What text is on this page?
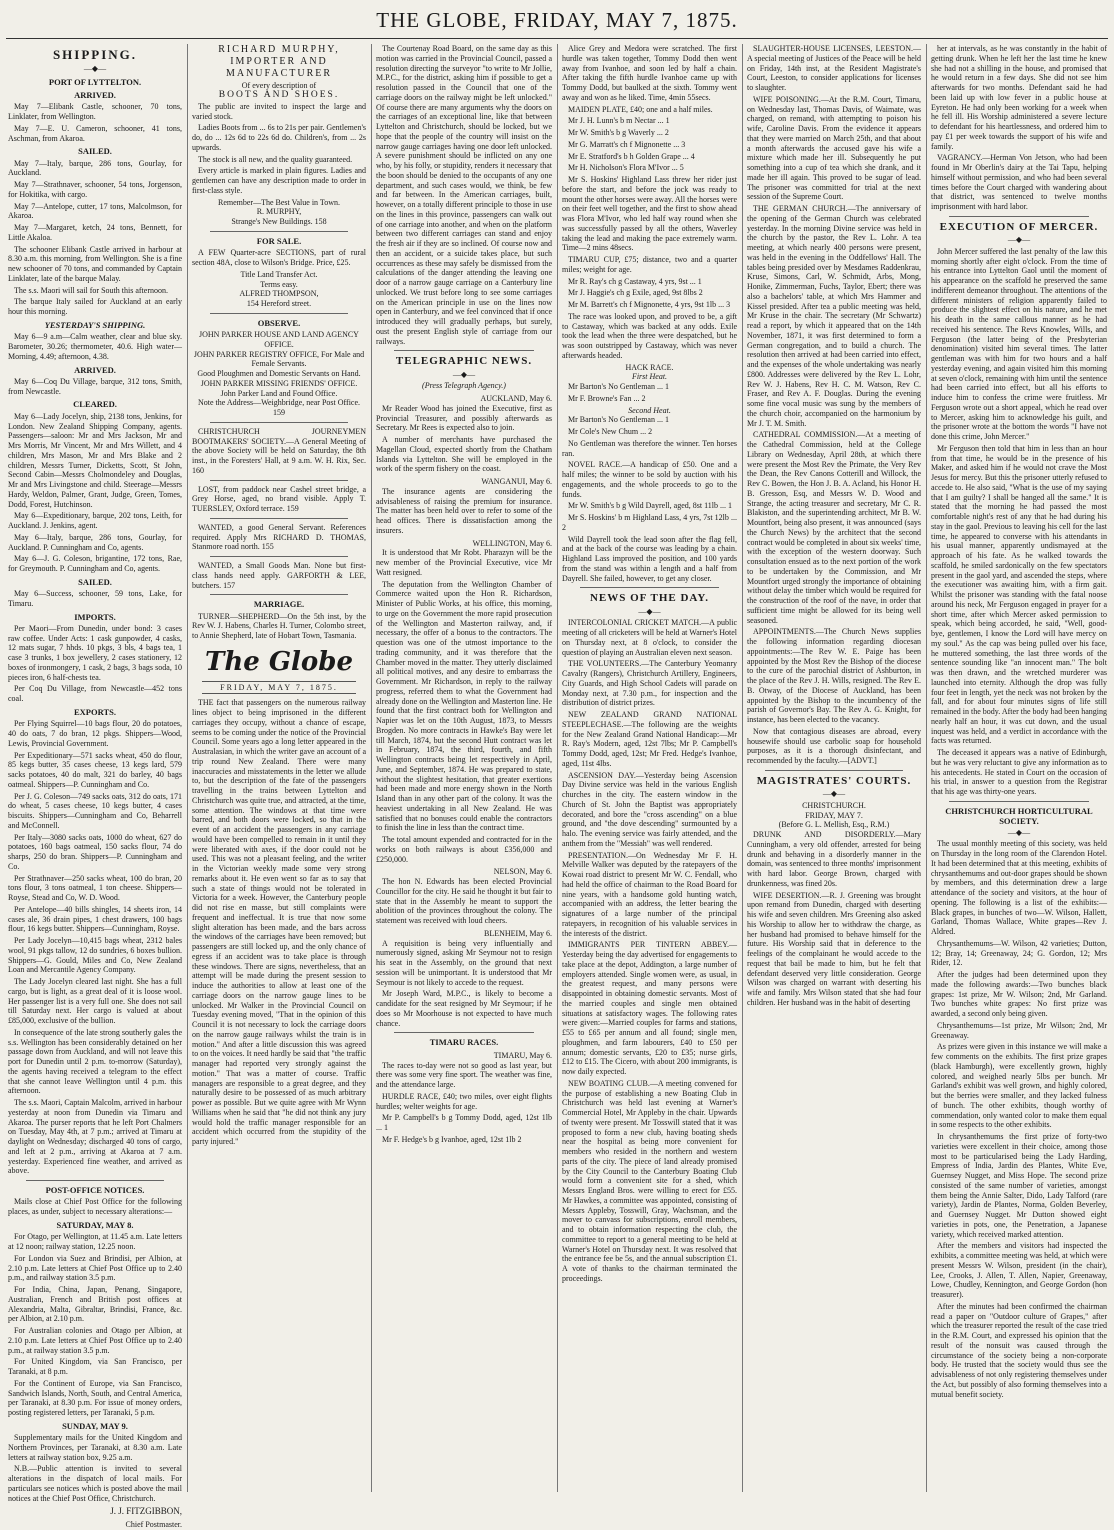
THE GLOBE, FRIDAY, MAY 7, 1875.
SHIPPING.
—◆—
PORT OF LYTTELTON.
ARRIVED.

May 7—Elibank Castle, schooner, 70 tons, Linklater, from Wellington.

May 7—E. U. Cameron, schooner, 41 tons, Aschman, from Akaroa.

SAILED.

May 7—Italy, barque, 286 tons, Gourlay, for Auckland.

May 7—Strathnaver, schooner, 54 tons, Jorgenson, for Hokitika, with cargo.

May 7—Antelope, cutter, 17 tons, Malcolmson, for Akaroa.

May 7—Margaret, ketch, 24 tons, Bennett, for Little Akaloa.

The schooner Elibank Castle arrived in harbour at 8.30 a.m. this morning, from Wellington. She is a fine new schooner of 70 tons, and commanded by Captain Linklater, late of the barque Malay.

The s.s. Maori will sail for South this afternoon.

The barque Italy sailed for Auckland at an early hour this morning.

YESTERDAY'S SHIPPING.

May 6—9 a.m—Calm weather, clear and blue sky. Barometer, 30.26; thermometer, 40.6. High water—Morning, 4.49; afternoon, 4.38.

ARRIVED.

May 6—Coq Du Village, barque, 312 tons, Smith, from Newcastle.

CLEARED.

May 6—Lady Jocelyn, ship, 2138 tons, Jenkins, for London. New Zealand Shipping Company, agents. Passengers—saloon: Mr and Mrs Jackson, Mr and Mrs Morris, Mr Vincent, Mr and Mrs Willett, and 4 children, Mrs Mason, Mr and Mrs Blake and 2 children, Messrs Turner, Dicketts, Scott, St John, Second Cabin—Messrs Cholmondeley and Douglas, Mr and Mrs Livingstone and child. Steerage—Messrs Hardy, Weldon, Palmer, Grant, Judge, Green, Tomes, Dodd, Forest, Hutchinson.

May 6—Expeditionary, barque, 202 tons, Leith, for Auckland. J. Jenkins, agent.

May 6—Italy, barque, 286 tons, Gourlay, for Auckland. P. Cunningham and Co, agents.

May 6—J. G. Coleson, brigantine, 172 tons, Rae, for Greymouth. P. Cunningham and Co, agents.

SAILED.

May 6—Success, schooner, 59 tons, Lake, for Timaru.

IMPORTS.

Per Maori—From Dunedin, under bond: 3 cases raw coffee. Under Acts: 1 cask gunpowder, 4 casks, 12 mats sugar, 7 hhds. 10 pkgs, 3 bls, 4 bags tea, 1 case 3 trunks, 1 box jewellery, 2 cases stationery, 12 boxes of ironmongery, 1 cask, 2 bags, 3 bags soda, 10 pieces iron, 6 half-chests tea.

Per Coq Du Village, from Newcastle—452 tons coal.

EXPORTS.

Per Flying Squirrel—10 bags flour, 20 do potatoes, 40 do oats, 7 do bran, 12 pkgs. Shippers—Wood, Lewis, Provincial Government.

Per Expeditionary—571 sacks wheat, 450 do flour, 85 kegs butter, 35 cases cheese, 13 kegs lard, 579 sacks potatoes, 40 do malt, 321 do barley, 40 bags oatmeal. Shippers—P. Cunningham and Co.

Per J. G. Coleson—749 sacks oats, 312 do oats, 171 do wheat, 5 cases cheese, 10 kegs butter, 4 cases biscuits. Shippers—Cunningham and Co, Beharrell and McConnell.

Per Italy—3080 sacks oats, 1000 do wheat, 627 do potatoes, 160 bags oatmeal, 150 sacks flour, 74 do sharps, 250 do bran. Shippers—P. Cunningham and Co.

Per Strathnaver—250 sacks wheat, 100 do bran, 20 tons flour, 3 tons oatmeal, 1 ton cheese. Shippers—Royse, Stead and Co, W. D. Wood.

Per Antelope—40 bills shingles, 14 sheets iron, 14 cases ale, 36 drain pipes, 1 chest drawers, 100 bags flour, 16 kegs butter. Shippers—Cunningham, Royse.

Per Lady Jocelyn—10,415 bags wheat, 2312 bales wool, 91 pkgs tallow, 12 do sundries, 6 boxes bullion. Shippers—G. Gould, Miles and Co, New Zealand Loan and Mercantile Agency Company.

The Lady Jocelyn cleared last night. She has a full cargo, but is light, as a great deal of it is loose wool. Her passenger list is a very full one. She does not sail till Saturday next. Her cargo is valued at about £85,000, exclusive of the bullion.

In consequence of the late strong southerly gales the s.s. Wellington has been considerably detained on her passage down from Auckland, and will not leave this port for Dunedin until 2 p.m. to-morrow (Saturday), the agents having received a telegram to the effect that she cannot leave Wellington until 4 p.m. this afternoon.

The s.s. Maori, Captain Malcolm, arrived in harbour yesterday at noon from Dunedin via Timaru and Akaroa. The purser reports that he left Port Chalmers on Tuesday, May 4th, at 7 p.m.; arrived at Timaru at daylight on Wednesday; discharged 40 tons of cargo, and left at 2 p.m., arriving at Akaroa at 7 a.m. yesterday. Experienced fine weather, and arrived as above.

POST-OFFICE NOTICES.

Mails close at Chief Post Office for the following places, as under, subject to necessary alterations:—

SATURDAY, MAY 8.

For Otago, per Wellington, at 11.45 a.m. Late letters at 12 noon; railway station, 12.25 noon.

For London via Suez and Brindisi, per Albion, at 2.10 p.m. Late letters at Chief Post Office up to 2.40 p.m., and railway station 3.5 p.m.

For India, China, Japan, Penang, Singapore, Australian, French and British post offices at Alexandria, Malta, Gibraltar, Brindisi, France, &c. per Albion, at 2.10 p.m.

For Australian colonies and Otago per Albion, at 2.10 p.m. Late letters at Chief Post Office up to 2.40 p.m., at railway station 3.5 p.m.

For United Kingdom, via San Francisco, per Taranaki, at 8 p.m.

For the Continent of Europe, via San Francisco, Sandwich Islands, North, South, and Central America, per Taranaki, at 8.30 p.m. For issue of money orders, posting registered letters, per Taranaki, 5 p.m.

SUNDAY, MAY 9.

Supplementary mails for the United Kingdom and Northern Provinces, per Taranaki, at 8.30 a.m. Late letters at railway station box, 9.25 a.m.

N.B.—Public attention is invited to several alterations in the dispatch of local mails. For particulars see notices which is posted above the mail notices at the Chief Post Office, Christchurch.

J. J. FITZGIBBON,
Chief Postmaster.
RICHARD MURPHY, IMPORTER AND MANUFACTURER
Of every description of
BOOTS AND SHOES.

The public are invited to inspect the large and varied stock.

Ladies Boots from ... 6s to 21s per pair. Gentlemen's do, do ... 12s 6d to 22s 6d do. Children's, from ... 2s upwards.

The stock is all new, and the quality guaranteed.

Every article is marked in plain figures. Ladies and gentlemen can have any description made to order in first-class style.

Remember—The Best Value in Town.
R. MURPHY,
Strange's New Buildings. 158
FOR SALE.

A FEW Quarter-acre SECTIONS, part of rural section 48A, close to Wilson's Bridge. Price, £25.

Title Land Transfer Act.
Terms easy.
ALFRED THOMPSON,
154 Hereford street.
OBSERVE.
JOHN PARKER HOUSE AND LAND AGENCY OFFICE.
JOHN PARKER REGISTRY OFFICE, For Male and Female Servants.
Good Ploughmen and Domestic Servants on Hand.
JOHN PARKER MISSING FRIENDS' OFFICE.
John Parker Land and Found Office.
Note the Address—Weighbridge, near Post Office. 159

CHRISTCHURCH JOURNEYMEN BOOTMAKERS' SOCIETY.—A General Meeting of the above Society will be held on Saturday, the 8th inst., in the Foresters' Hall, at 9 a.m. W. H. Rix, Sec. 160

LOST, from paddock near Cashel street bridge, a Grey Horse, aged, no brand visible. Apply T. TUERSLEY, Oxford terrace. 159

WANTED, a good General Servant. References required. Apply Mrs RICHARD D. THOMAS, Stanmore road north. 155

WANTED, a Small Goods Man. None but first-class hands need apply. GARFORTH & LEE, butchers. 157

MARRIAGE.

TURNER—SHEPHERD—On the 5th inst, by the Rev W. J. Habens, Charles H. Turner, Colombo street, to Annie Shepherd, late of Hobart Town, Tasmania.

The Globe
FRIDAY, MAY 7, 1875.

THE fact that passengers on the numerous railway lines object to being imprisoned in the different carriages they occupy, without a chance of escape, seems to be coming under the notice of the Provincial Council. Some years ago a long letter appeared in the Australasian, in which the writer gave an account of a trip round New Zealand. There were many inaccuracies and misstatements in the letter we allude to, but the description of the fate of the passengers travelling in the trains between Lyttelton and Christchurch was quite true, and attracted, at the time, some attention. The windows at that time were barred, and both doors were locked, so that in the event of an accident the passengers in any carriage would have been compelled to remain in it until they were liberated with axes, if the door could not be used. This was not a pleasant feeling, and the writer in the Victorian weekly made some very strong remarks about it. He even went so far as to say that such a state of things would not be tolerated in Victoria for a week. However, the Canterbury people did not rise en masse, but still complaints were frequent and ineffectual. It is true that now some slight alteration has been made, and the bars across the windows of the carriages have been removed; but passengers are still locked up, and the only chance of egress if an accident was to take place is through these windows. There are signs, nevertheless, that an attempt will be made during the present session to induce the authorities to allow at least one of the carriage doors on the narrow gauge lines to be unlocked. Mr Walker in the Provincial Council on Tuesday evening moved, "That in the opinion of this Council it is not necessary to lock the carriage doors on the narrow gauge railways whilst the train is in motion." And after a little discussion this was agreed to on the voices. It need hardly be said that "the traffic manager had reported very strongly against the motion." That was a matter of course. Traffic managers are responsible to a great degree, and they naturally desire to be possessed of as much arbitrary power as possible. But we quite agree with Mr Wynn Williams when he said that "he did not think any jury would hold the traffic manager responsible for an accident which occurred from the stupidity of the party injured."

The Courtenay Road Board, on the same day as this motion was carried in the Provincial Council, passed a resolution directing the surveyor "to write to Mr Jollie, M.P.C., for the district, asking him if possible to get a resolution passed in the Council that one of the carriage doors on the railway might be left unlocked." Of course there are many arguments why the doors on the carriages of an exceptional line, like that between Lyttelton and Christchurch, should be locked, but we hope that the people of the country will insist on the narrow gauge carriages having one door left unlocked. A severe punishment should be inflicted on any one who, by his folly, or stupidity, renders it necessary that the boon should be denied to the occupants of any one department, and such cases would, we think, be few and far between. In the American carriages, built, however, on a totally different principle to those in use on the lines in this province, passengers can walk out of one carriage into another, and when on the platform between two different carriages can stand and enjoy the fresh air if they are so inclined. Of course now and then an accident, or a suicide takes place, but such occurrences as these may safely be dismissed from the calculations of the danger attending the leaving one door of a narrow gauge carriage on a Canterbury line unlocked. We trust before long to see some carriages on the American principle in use on the lines now open in Canterbury, and we feel convinced that if once introduced they will gradually perhaps, but surely, oust the present English style of carriage from our railways.

TELEGRAPHIC NEWS.
—◆—
(Press Telegraph Agency.)
AUCKLAND, May 6.

Mr Reader Wood has joined the Executive, first as Provincial Treasurer, and possibly afterwards as Secretary. Mr Rees is expected also to join.

A number of merchants have purchased the Magellan Cloud, expected shortly from the Chatham Islands via Lyttelton. She will be employed in the work of the sperm fishery on the coast.

WANGANUI, May 6.

The insurance agents are considering the advisableness of raising the premium for insurance. The matter has been held over to refer to some of the head offices. There is dissatisfaction among the insurers.

WELLINGTON, May 6.

It is understood that Mr Robt. Pharazyn will be the new member of the Provincial Executive, vice Mr Watt resigned.

The deputation from the Wellington Chamber of Commerce waited upon the Hon R. Richardson, Minister of Public Works, at his office, this morning, to urge on the Government the more rapid prosecution of the Wellington and Masterton railway, and, if necessary, the offer of a bonus to the contractors. The question was one of the utmost importance to the trading community, and it was therefore that the Chamber moved in the matter. They utterly disclaimed all political motives, and any desire to embarrass the Government. Mr Richardson, in reply to the railway progress, referred them to what the Government had already done on the Wellington and Masterton line. He found that the first contract both for Wellington and Napier was let on the 10th August, 1873, to Messrs Brogden. No more contracts in Hawke's Bay were let till March, 1874, but the second Hutt contract was let in February, 1874, the third, fourth, and fifth Wellington contracts being let respectively in April, June, and September, 1874. He was prepared to state, without the slightest hesitation, that greater exertions had been made and more energy shown in the North Island than in any other part of the colony. It was the heaviest undertaking in all New Zealand. He was satisfied that no bonuses could enable the contractors to finish the line in less than the contract time.

The total amount expended and contracted for in the works on both railways is about £356,000 and £250,000.

NELSON, May 6.

The hon N. Edwards has been elected Provincial Councillor for the city. He said he thought it but fair to state that in the Assembly he meant to support the abolition of the provinces throughout the colony. The statement was received with loud cheers.

BLENHEIM, May 6.

A requisition is being very influentially and numerously signed, asking Mr Seymour not to resign his seat in the Assembly, on the ground that next session will be unimportant. It is understood that Mr Seymour is not likely to accede to the request.

Mr Joseph Ward, M.P.C., is likely to become a candidate for the seat resigned by Mr Seymour; if he does so Mr Moorhouse is not expected to have much chance.

TIMARU RACES.
TIMARU, May 6.

The races to-day were not so good as last year, but there was some very fine sport. The weather was fine, and the attendance large.

HURDLE RACE, £40; two miles, over eight flights hurdles; welter weights for age.

Mr P. Campbell's b g Tommy Dodd, aged, 12st 1lb ... 1

Mr F. Hedge's b g Ivanhoe, aged, 12st 1lb 2

Alice Grey and Medora were scratched. The first hurdle was taken together, Tommy Dodd then went away from Ivanhoe, and soon led by half a chain. After taking the fifth hurdle Ivanhoe came up with Tommy Dodd, but baulked at the sixth. Tommy went away and won as he liked. Time, 4min 55secs.

MAIDEN PLATE, £40; one and a half miles.

Mr J. H. Lunn's b m Nectar ... 1

Mr W. Smith's b g Waverly ... 2

Mr G. Marratt's ch f Mignonette ... 3

Mr E. Stratford's b h Golden Grape ... 4

Mr H. Nicholson's Flora M'Ivor ... 5

Mr S. Hoskins' Highland Lass threw her rider just before the start, and before the jock was ready to mount the other horses were away. All the horses were on their feet well together, and the first to show ahead was Flora M'Ivor, who led half way round when she was successfully passed by all the others, Waverley taking the lead and making the pace extremely warm. Time—2 mins 48secs.

TIMARU CUP, £75; distance, two and a quarter miles; weight for age.

Mr R. Ray's ch g Castaway, 4 yrs, 9st ... 1

Mr J. Haggie's ch g Exile, aged, 9st 8lbs 2

Mr M. Barrett's ch f Mignonette, 4 yrs, 9st 1lb ... 3

The race was looked upon, and proved to be, a gift to Castaway, which was backed at any odds. Exile took the lead when the three were despatched, but he was soon outstripped by Castaway, which was never afterwards headed.

HACK RACE.
First Heat.

Mr Barton's No Gentleman ... 1

Mr F. Browne's Fan ... 2

Second Heat.

Mr Barton's No Gentleman ... 1

Mr Cole's New Chum ... 2

No Gentleman was therefore the winner. Ten horses ran.

NOVEL RACE.—A handicap of £50. One and a half miles; the winner to be sold by auction with his engagements, and the whole proceeds to go to the funds.

Mr W. Smith's b g Wild Dayrell, aged, 8st 11lb ... 1

Mr S. Hoskins' b m Highland Lass, 4 yrs, 7st 12lb ... 2

Wild Dayrell took the lead soon after the flag fell, and at the back of the course was leading by a chain. Highland Lass improved the position, and 100 yards from the stand was within a length and a half from Dayrell. She failed, however, to get any closer.

NEWS OF THE DAY.
—◆—

INTERCOLONIAL CRICKET MATCH.—A public meeting of all cricketers will be held at Warner's Hotel on Thursday next, at 8 o'clock, to consider the question of playing an Australian eleven next season.

THE VOLUNTEERS.—The Canterbury Yeomanry Cavalry (Rangers), Christchurch Artillery, Engineers, City Guards, and High School Cadets will parade on Monday next, at 7.30 p.m., for inspection and the distribution of district prizes.

NEW ZEALAND GRAND NATIONAL STEEPLECHASE.—The following are the weights for the New Zealand Grand National Handicap:—Mr R. Ray's Modern, aged, 12st 7lbs; Mr P. Campbell's Tommy Dodd, aged, 12st; Mr Fred. Hedge's Ivanhoe, aged, 11st 4lbs.

ASCENSION DAY.—Yesterday being Ascension Day Divine service was held in the various English churches in the city. The eastern window in the Church of St. John the Baptist was appropriately decorated, and bore the "cross ascending" on a blue ground, and "the dove descending" surmounted by a halo. The evening service was fairly attended, and the anthem from the "Messiah" was well rendered.

PRESENTATION.—On Wednesday Mr F. H. Melville Walker was deputed by the ratepayers of the Kowai road district to present Mr W. C. Fendall, who had held the office of chairman to the Road Board for nine years, with a handsome gold hunting watch, accompanied with an address, the letter bearing the signatures of a large number of the principal ratepayers, in recognition of his valuable services in the interests of the district.

IMMIGRANTS PER TINTERN ABBEY.—Yesterday being the day advertised for engagements to take place at the depot, Addington, a large number of employers attended. Single women were, as usual, in the greatest request, and many persons were disappointed in obtaining domestic servants. Most of the married couples and single men obtained situations at satisfactory wages. The following rates were given:—Married couples for farms and stations, £55 to £65 per annum and all found; single men, ploughmen, and farm labourers, £40 to £50 per annum; domestic servants, £20 to £35; nurse girls, £12 to £15. The Cicero, with about 200 immigrants, is now daily expected.

NEW BOATING CLUB.—A meeting convened for the purpose of establishing a new Boating Club in Christchurch was held last evening at Warner's Commercial Hotel, Mr Appleby in the chair. Upwards of twenty were present. Mr Tosswill stated that it was proposed to form a new club, having boating sheds near the hospital as being more convenient for members who resided in the northern and western parts of the city. The piece of land already promised by the City Council to the Canterbury Boating Club would form a convenient site for a shed, which Messrs England Bros. were willing to erect for £55. Mr Hawkes, a committee was appointed, consisting of Messrs Appleby, Tosswill, Gray, Wachsman, and the mover to canvass for subscriptions, enroll members, and to obtain information respecting the club, the committee to report to a general meeting to be held at Warner's Hotel on Thursday next. It was resolved that the entrance fee be 5s, and the annual subscription £1. A vote of thanks to the chairman terminated the proceedings.

SLAUGHTER-HOUSE LICENSES, LEESTON.—A special meeting of Justices of the Peace will be held on Friday, 14th inst, at the Resident Magistrate's Court, Leeston, to consider applications for licenses to slaughter.

WIFE POISONING.—At the R.M. Court, Timaru, on Wednesday last, Thomas Davis, of Waimate, was charged, on remand, with attempting to poison his wife, Caroline Davis. From the evidence it appears that they were married on March 25th, and that about a month afterwards the accused gave his wife a mixture which made her ill. Subsequently he put something into a cup of tea which she drank, and it made her ill again. This proved to be sugar of lead. The prisoner was committed for trial at the next session of the Supreme Court.

THE GERMAN CHURCH.—The anniversary of the opening of the German Church was celebrated yesterday. In the morning Divine service was held in the church by the pastor, the Rev L. Lohr. A tea meeting, at which nearly 400 persons were present, was held in the evening in the Oddfellows' Hall. The tables being presided over by Mesdames Raddenkrau, Kruse, Simons, Carl, W. Schmidt, Arbs, Mong, Honike, Zimmerman, Fuchs, Taylor, Ebert; there was also a bachelors' table, at which Mrs Hammer and Kissel presided. After tea a public meeting was held, Mr Kruse in the chair. The secretary (Mr Schwartz) read a report, by which it appeared that on the 14th November, 1871, it was first determined to form a German congregation, and to build a church. The resolution then arrived at had been carried into effect, and the expenses of the whole undertaking was nearly £800. Addresses were delivered by the Rev L. Lohr, Rev W. J. Habens, Rev H. C. M. Watson, Rev C. Fraser, and Rev A. F. Douglas. During the evening some fine vocal music was sung by the members of the church choir, accompanied on the harmonium by Mr J. T. M. Smith.

CATHEDRAL COMMISSION.—At a meeting of the Cathedral Commission, held at the College Library on Wednesday, April 28th, at which there were present the Most Rev the Primate, the Very Rev the Dean, the Rev Canons Cotterill and Willock, the Rev C. Bowen, the Hon J. B. A. Acland, his Honor H. B. Gresson, Esq, and Messrs W. D. Wood and Strange, the acting treasurer and secretary, Mr C. R. Blakiston, and the superintending architect, Mr B. W. Mountfort, being also present, it was announced (says the Church News) by the architect that the second contract would be completed in about six weeks' time, with the exception of the western doorway. Such consultation ensued as to the next portion of the work to be undertaken by the Commission, and Mr Mountfort urged strongly the importance of obtaining without delay the timber which would be required for the construction of the roof of the nave, in order that sufficient time might be allowed for its being well seasoned.

APPOINTMENTS.—The Church News supplies the following information regarding diocesan appointments:—The Rev W. E. Paige has been appointed by the Most Rev the Bishop of the diocese to the cure of the parochial district of Ashburton, in the place of the Rev J. H. Wills, resigned. The Rev E. B. Otway, of the Diocese of Auckland, has been appointed by the Bishop to the incumbency of the parish of Governor's Bay. The Rev A. G. Knight, for instance, has been elected to the vacancy.

Now that contagious diseases are abroad, every housewife should use carbolic soap for household purposes, as it is a thorough disinfectant, and recommended by the faculty.—[ADVT.]

MAGISTRATES' COURTS.
—◆—
CHRISTCHURCH.
FRIDAY, MAY 7.
(Before G. L. Mellish, Esq., R.M.)

DRUNK AND DISORDERLY.—Mary Cunningham, a very old offender, arrested for being drunk and behaving in a disorderly manner in the domain, was sentenced to three months' imprisonment with hard labor. George Brown, charged with drunkenness, was fined 20s.

WIFE DESERTION.—R. J. Greening was brought upon remand from Dunedin, charged with deserting his wife and seven children. Mrs Greening also asked his Worship to allow her to withdraw the charge, as her husband had promised to behave himself for the future. His Worship said that in deference to the feelings of the complainant he would accede to the request that bail be made to him, but he felt that defendant deserved very little consideration. George Wilson was charged on warrant with deserting his wife and family. Mrs Wilson stated that she had four children. Her husband was in the habit of deserting

her at intervals, as he was constantly in the habit of getting drunk. When he left her the last time he knew she had not a shilling in the house, and promised that he would return in a few days. She did not see him afterwards for two months. Defendant said he had been laid up with low fever in a public house at Eyreton. He had only been working for a week when he fell ill. His Worship administered a severe lecture to defendant for his heartlessness, and ordered him to pay £1 per week towards the support of his wife and family.

VAGRANCY.—Herman Von Jetson, who had been found in Mr Oberlin's dairy at the Tai Tapu, helping himself without permission, and who had been several times before the Court charged with wandering about that district, was sentenced to twelve months imprisonment with hard labor.

EXECUTION OF MERCER.
—◆—

John Mercer suffered the last penalty of the law this morning shortly after eight o'clock. From the time of his entrance into Lyttelton Gaol until the moment of his appearance on the scaffold he preserved the same indifferent demeanor throughout. The attentions of the different ministers of religion apparently failed to produce the slightest effect on his nature, and he met his death in the same callous manner as he had received his sentence. The Revs Knowles, Wills, and Ferguson (the latter being of the Presbyterian denomination) visited him several times. The latter gentleman was with him for two hours and a half yesterday evening, and again visited him this morning at seven o'clock, remaining with him until the sentence had been carried into effect, but all his efforts to induce him to confess the crime were fruitless. Mr Ferguson wrote out a short appeal, which he read over to Mercer, asking him to acknowledge his guilt, and the prisoner wrote at the bottom the words "I have not done this crime, John Mercer."

Mr Ferguson then told that him in less than an hour from that time, he would be in the presence of his Maker, and asked him if he would not crave the Most Jesus for mercy. But this the prisoner utterly refused to accede to. He also said, "What is the use of my saying that I am guilty? I shall be hanged all the same." It is stated that the morning he had passed the most comfortable night's rest of any that he had during his stay in the gaol. Previous to leaving his cell for the last time, he appeared to converse with his attendants in his usual manner, apparently undismayed at the approach of his fate. As he walked towards the scaffold, he smiled sardonically on the few spectators present in the gaol yard, and ascended the steps, where the executioner was awaiting him, with a firm gait. Whilst the prisoner was standing with the fatal noose around his neck, Mr Ferguson engaged in prayer for a short time, after which Mercer asked permission to speak, which being accorded, he said, "Well, good-bye, gentlemen, I know the Lord will have mercy on my soul." As the cap was being pulled over his face, he muttered something, the last three words of the sentence sounding like "an innocent man." The bolt was then drawn, and the wretched murderer was launched into eternity. Although the drop was fully four feet in length, yet the neck was not broken by the fall, and for about four minutes signs of life still remained in the body. After the body had been hanging nearly half an hour, it was cut down, and the usual inquest was held, and a verdict in accordance with the facts was returned.

The deceased it appears was a native of Edinburgh, but he was very reluctant to give any information as to his antecedents. He stated in Court on the occasion of his trial, in answer to a question from the Registrar that his age was thirty-one years.

CHRISTCHURCH HORTICULTURAL SOCIETY.
—◆—

The usual monthly meeting of this society, was held on Thursday in the long room of the Clarendon Hotel. It had been determined that at this meeting, exhibits of chrysanthemums and out-door grapes should be shown by members, and this determination drew a large attendance of the society and visitors, at the hour of opening. The following is a list of the exhibits:—Black grapes, in bunches of two—W. Wilson, Hallett, Garland, Thomas Wallace, White grapes—Rev J. Aldred.

Chrysanthemums—W. Wilson, 42 varieties; Dutton, 12; Bray, 14; Greenaway, 24; G. Gordon, 12; Mrs Rider, 12.

After the judges had been determined upon they made the following awards:—Two bunches black grapes: 1st prize, Mr W. Wilson; 2nd, Mr Garland. Two bunches white grapes: No first prize was awarded, a second only being given.

Chrysanthemums—1st prize, Mr Wilson; 2nd, Mr Greenaway.

As prizes were given in this instance we will make a few comments on the exhibits. The first prize grapes (black Hamburgh), were excellently grown, highly colored, and weighed nearly 5lbs per bunch. Mr Garland's exhibit was well grown, and highly colored, but the berries were smaller, and they lacked fulness of bunch. The other exhibits, though worthy of commendation, only wanted color to make them equal in some respects to the other exhibits.

In chrysanthemums the first prize of forty-two varieties were excellent in their choice, among those most to be particularised being the Lady Harding, Empress of India, Jardin des Plantes, White Eve, Guernsey Nugget, and Miss Hope. The second prize consisted of the same number of varieties, amongst them being the Annie Salter, Dido, Lady Talford (rare variety), Jardin de Plantes, Norma, Golden Beverley, and Guernsey Nugget. Mr Dutton showed eight varieties in pots, one, the Penetration, a Japanese variety, which received marked attention.

After the members and visitors had inspected the exhibits, a committee meeting was held, at which were present Messrs W. Wilson, president (in the chair), Lee, Crooks, J. Allen, T. Allen, Napier, Greenaway, Lowe, Chudley, Kennington, and George Gordon (hon treasurer).

After the minutes had been confirmed the chairman read a paper on "Outdoor culture of Grapes," after which the treasurer reported the result of the case tried in the R.M. Court, and expressed his opinion that the result of the nonsuit was caused through the circumstance of the society being a non-corporate body. He trusted that the society would thus see the advisableness of not only registering themselves under the Act, but possibly of also forming themselves into a mutual benefit society.
